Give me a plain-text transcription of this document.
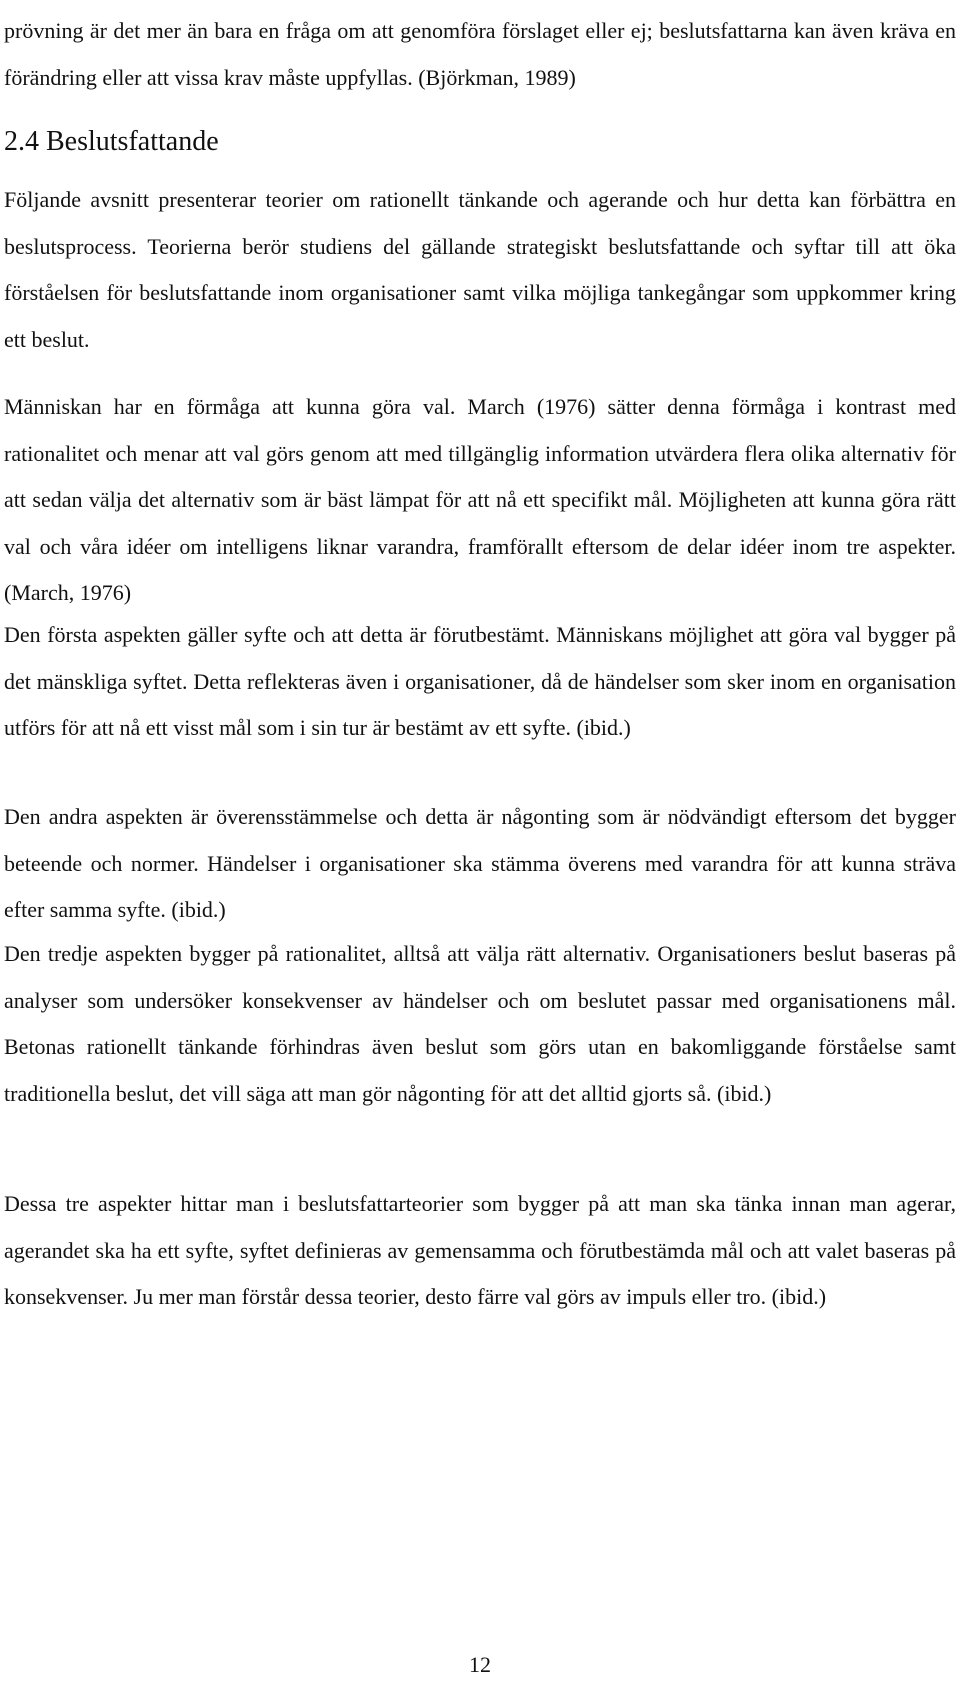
prövning är det mer än bara en fråga om att genomföra förslaget eller ej; beslutsfattarna kan även kräva en förändring eller att vissa krav måste uppfyllas. (Björkman, 1989)

2.4 Beslutsfattande

Följande avsnitt presenterar teorier om rationellt tänkande och agerande och hur detta kan förbättra en beslutsprocess. Teorierna berör studiens del gällande strategiskt beslutsfattande och syftar till att öka förståelsen för beslutsfattande inom organisationer samt vilka möjliga tankegångar som uppkommer kring ett beslut.

Människan har en förmåga att kunna göra val. March (1976) sätter denna förmåga i kontrast med rationalitet och menar att val görs genom att med tillgänglig information utvärdera flera olika alternativ för att sedan välja det alternativ som är bäst lämpat för att nå ett specifikt mål. Möjligheten att kunna göra rätt val och våra idéer om intelligens liknar varandra, framförallt eftersom de delar idéer inom tre aspekter. (March, 1976)

Den första aspekten gäller syfte och att detta är förutbestämt. Människans möjlighet att göra val bygger på det mänskliga syftet. Detta reflekteras även i organisationer, då de händelser som sker inom en organisation utförs för att nå ett visst mål som i sin tur är bestämt av ett syfte. (ibid.)

Den andra aspekten är överensstämmelse och detta är någonting som är nödvändigt eftersom det bygger beteende och normer. Händelser i organisationer ska stämma överens med varandra för att kunna sträva efter samma syfte. (ibid.)

Den tredje aspekten bygger på rationalitet, alltså att välja rätt alternativ. Organisationers beslut baseras på analyser som undersöker konsekvenser av händelser och om beslutet passar med organisationens mål. Betonas rationellt tänkande förhindras även beslut som görs utan en bakomliggande förståelse samt traditionella beslut, det vill säga att man gör någonting för att det alltid gjorts så. (ibid.)

Dessa tre aspekter hittar man i beslutsfattarteorier som bygger på att man ska tänka innan man agerar, agerandet ska ha ett syfte, syftet definieras av gemensamma och förutbestämda mål och att valet baseras på konsekvenser. Ju mer man förstår dessa teorier, desto färre val görs av impuls eller tro. (ibid.)

12
